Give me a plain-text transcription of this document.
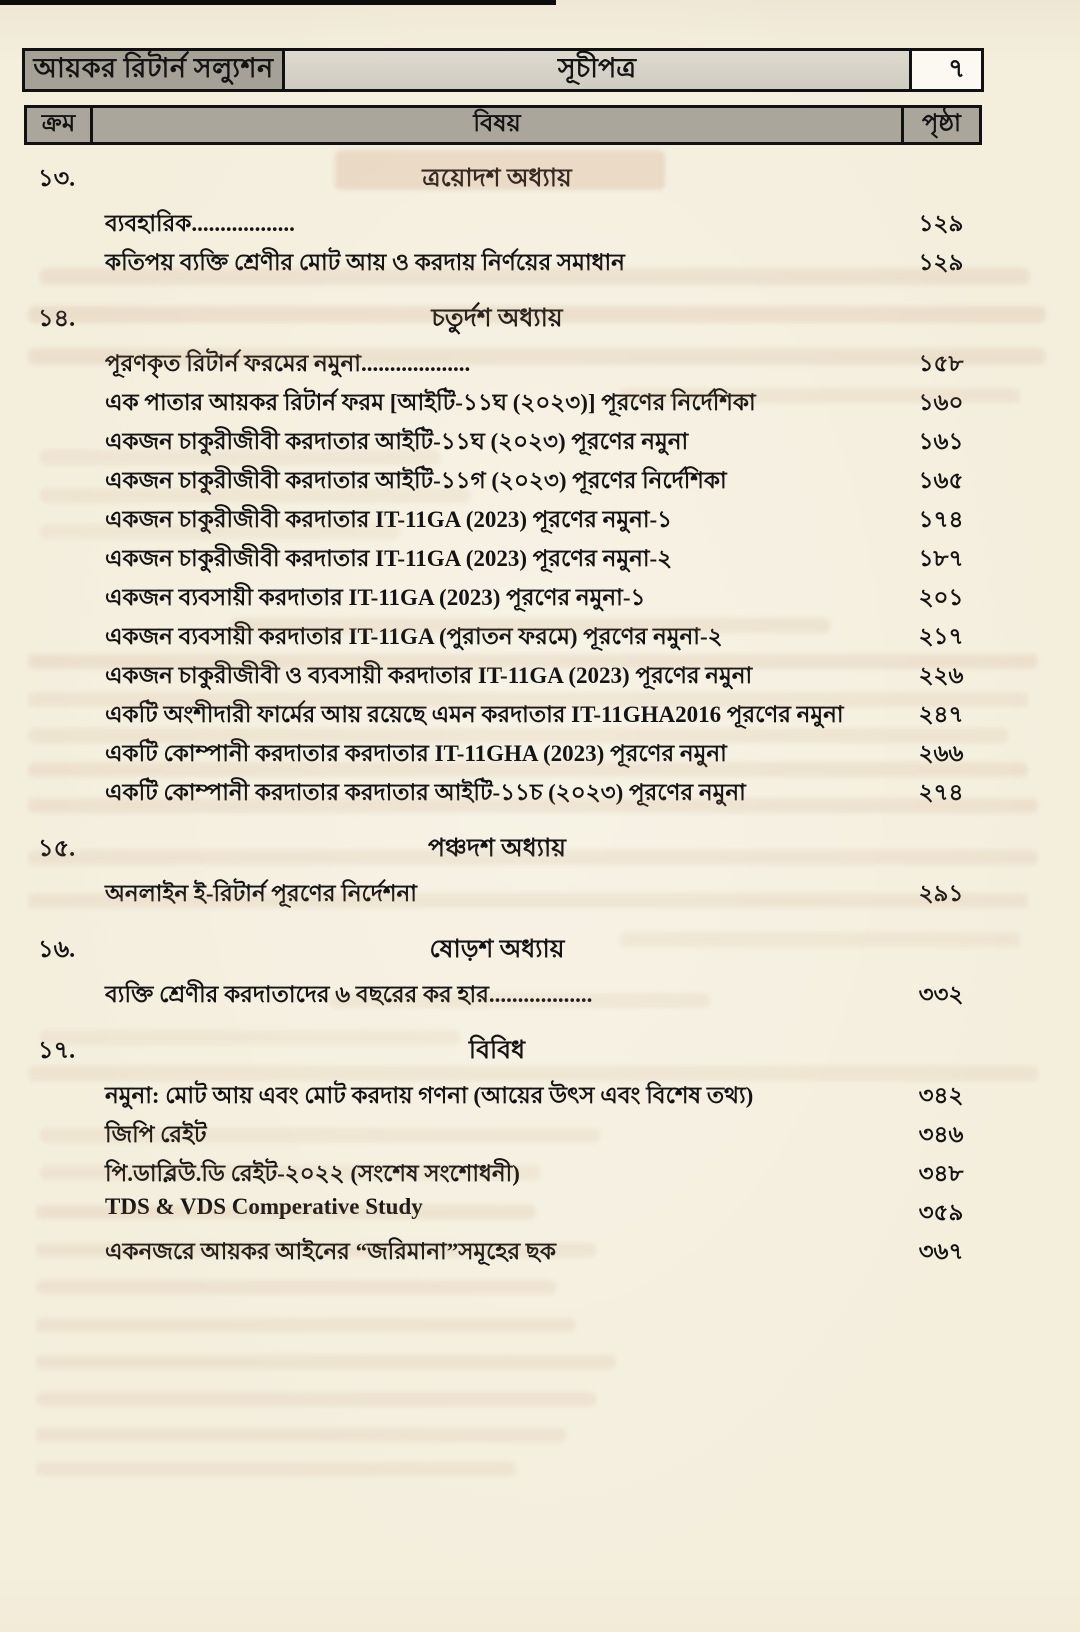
আয়কর রিটার্ন সল্যুশন	সূচীপত্র	৭
ক্রম	বিষয়	পৃষ্ঠা
১৩.	ত্রয়োদশ অধ্যায়
ব্যবহারিক..................	১২৯
কতিপয় ব্যক্তি শ্রেণীর মোট আয় ও করদায় নির্ণয়ের সমাধান	১২৯
১৪.	চতুর্দশ অধ্যায়
পূরণকৃত রিটার্ন ফরমের নমুনা...................	১৫৮
এক পাতার আয়কর রিটার্ন ফরম [আইটি-১১ঘ (২০২৩)] পূরণের নির্দেশিকা	১৬০
একজন চাকুরীজীবী করদাতার আইটি-১১ঘ (২০২৩) পূরণের নমুনা	১৬১
একজন চাকুরীজীবী করদাতার আইটি-১১গ (২০২৩) পূরণের নির্দেশিকা	১৬৫
একজন চাকুরীজীবী করদাতার IT-11GA (2023) পূরণের নমুনা-১	১৭৪
একজন চাকুরীজীবী করদাতার IT-11GA (2023) পূরণের নমুনা-২	১৮৭
একজন ব্যবসায়ী করদাতার IT-11GA (2023) পূরণের নমুনা-১	২০১
একজন ব্যবসায়ী করদাতার IT-11GA (পুরাতন ফরমে) পূরণের নমুনা-২	২১৭
একজন চাকুরীজীবী ও ব্যবসায়ী করদাতার IT-11GA (2023) পূরণের নমুনা	২২৬
একটি অংশীদারী ফার্মের আয় রয়েছে এমন করদাতার IT-11GHA2016 পূরণের নমুনা	২৪৭
একটি কোম্পানী করদাতার করদাতার IT-11GHA (2023) পূরণের নমুনা	২৬৬
একটি কোম্পানী করদাতার করদাতার আইটি-১১চ (২০২৩) পূরণের নমুনা	২৭৪
১৫.	পঞ্চদশ অধ্যায়
অনলাইন ই-রিটার্ন পূরণের নির্দেশনা	২৯১
১৬.	ষোড়শ অধ্যায়
ব্যক্তি শ্রেণীর করদাতাদের ৬ বছরের কর হার..................	৩৩২
১৭.	বিবিধ
নমুনা: মোট আয় এবং মোট করদায় গণনা (আয়ের উৎস এবং বিশেষ তথ্য)	৩৪২
জিপি রেইট	৩৪৬
পি.ডাব্লিউ.ডি রেইট-২০২২ (সংশেষ সংশোধনী)	৩৪৮
TDS & VDS Comperative Study	৩৫৯
একনজরে আয়কর আইনের “জরিমানা”সমূহের ছক	৩৬৭
